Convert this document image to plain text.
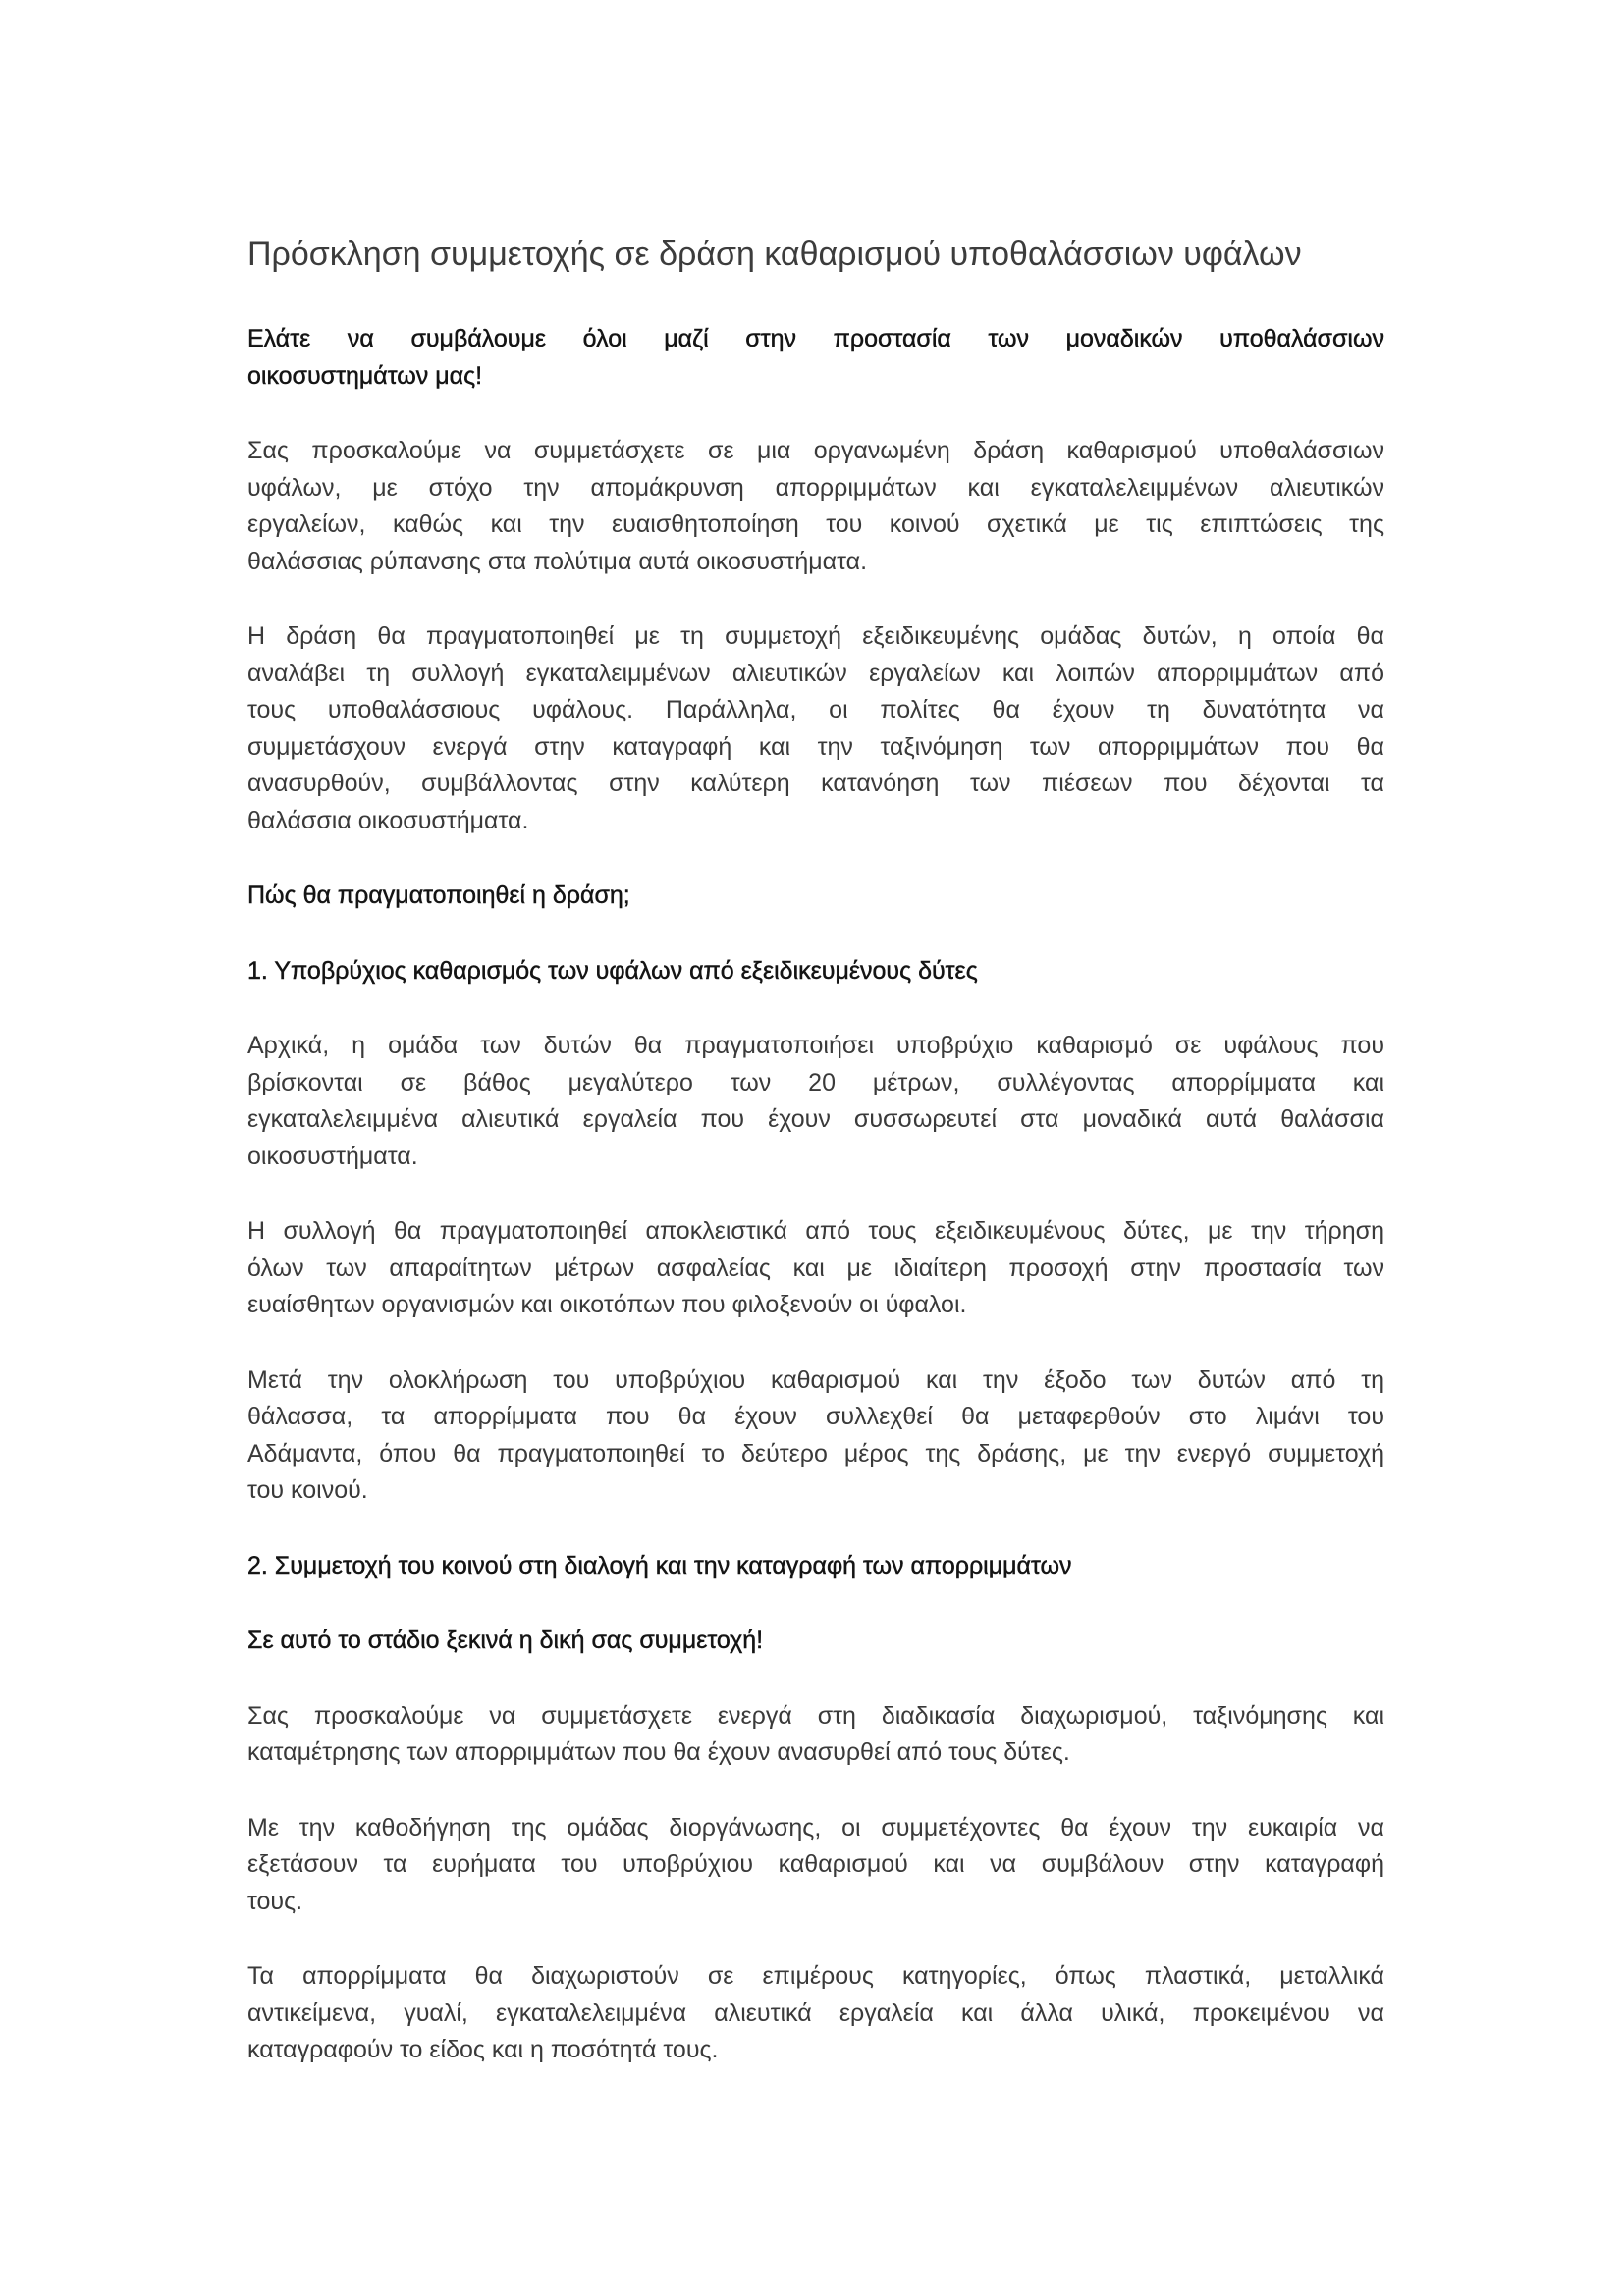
Πρόσκληση συμμετοχής σε δράση καθαρισμού υποθαλάσσιων υφάλων
Ελάτε να συμβάλουμε όλοι μαζί στην προστασία των μοναδικών υποθαλάσσιων
οικοσυστημάτων μας!
Σας προσκαλούμε να συμμετάσχετε σε μια οργανωμένη δράση καθαρισμού υποθαλάσσιων
υφάλων, με στόχο την απομάκρυνση απορριμμάτων και εγκαταλελειμμένων αλιευτικών
εργαλείων, καθώς και την ευαισθητοποίηση του κοινού σχετικά με τις επιπτώσεις της
θαλάσσιας ρύπανσης στα πολύτιμα αυτά οικοσυστήματα.
Η δράση θα πραγματοποιηθεί με τη συμμετοχή εξειδικευμένης ομάδας δυτών, η οποία θα
αναλάβει τη συλλογή εγκαταλειμμένων αλιευτικών εργαλείων και λοιπών απορριμμάτων από
τους υποθαλάσσιους υφάλους. Παράλληλα, οι πολίτες θα έχουν τη δυνατότητα να
συμμετάσχουν ενεργά στην καταγραφή και την ταξινόμηση των απορριμμάτων που θα
ανασυρθούν, συμβάλλοντας στην καλύτερη κατανόηση των πιέσεων που δέχονται τα
θαλάσσια οικοσυστήματα.
Πώς θα πραγματοποιηθεί η δράση;
1. Υποβρύχιος καθαρισμός των υφάλων από εξειδικευμένους δύτες
Αρχικά, η ομάδα των δυτών θα πραγματοποιήσει υποβρύχιο καθαρισμό σε υφάλους που
βρίσκονται σε βάθος μεγαλύτερο των 20 μέτρων, συλλέγοντας απορρίμματα και
εγκαταλελειμμένα αλιευτικά εργαλεία που έχουν συσσωρευτεί στα μοναδικά αυτά θαλάσσια
οικοσυστήματα.
Η συλλογή θα πραγματοποιηθεί αποκλειστικά από τους εξειδικευμένους δύτες, με την τήρηση
όλων των απαραίτητων μέτρων ασφαλείας και με ιδιαίτερη προσοχή στην προστασία των
ευαίσθητων οργανισμών και οικοτόπων που φιλοξενούν οι ύφαλοι.
Μετά την ολοκλήρωση του υποβρύχιου καθαρισμού και την έξοδο των δυτών από τη
θάλασσα, τα απορρίμματα που θα έχουν συλλεχθεί θα μεταφερθούν στο λιμάνι του
Αδάμαντα, όπου θα πραγματοποιηθεί το δεύτερο μέρος της δράσης, με την ενεργό συμμετοχή
του κοινού.
2. Συμμετοχή του κοινού στη διαλογή και την καταγραφή των απορριμμάτων
Σε αυτό το στάδιο ξεκινά η δική σας συμμετοχή!
Σας προσκαλούμε να συμμετάσχετε ενεργά στη διαδικασία διαχωρισμού, ταξινόμησης και
καταμέτρησης των απορριμμάτων που θα έχουν ανασυρθεί από τους δύτες.
Με την καθοδήγηση της ομάδας διοργάνωσης, οι συμμετέχοντες θα έχουν την ευκαιρία να
εξετάσουν τα ευρήματα του υποβρύχιου καθαρισμού και να συμβάλουν στην καταγραφή
τους.
Τα απορρίμματα θα διαχωριστούν σε επιμέρους κατηγορίες, όπως πλαστικά, μεταλλικά
αντικείμενα, γυαλί, εγκαταλελειμμένα αλιευτικά εργαλεία και άλλα υλικά, προκειμένου να
καταγραφούν το είδος και η ποσότητά τους.
